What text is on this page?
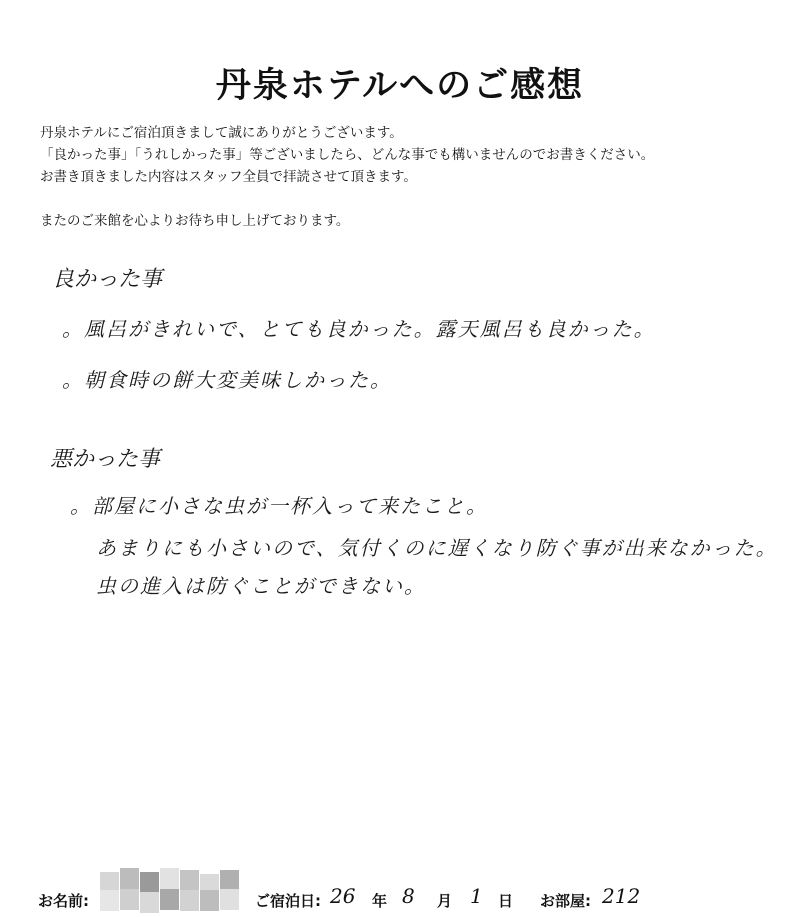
丹泉ホテルへのご感想
丹泉ホテルにご宿泊頂きまして誠にありがとうございます。
「良かった事」「うれしかった事」等ございましたら、どんな事でも構いませんのでお書きください。
お書き頂きました内容はスタッフ全員で拝読させて頂きます。
またのご来館を心よりお待ち申し上げております。
良かった事
。風呂がきれいで、とても良かった。露天風呂も良かった。
。朝食時の餅大変美味しかった。
悪かった事
。部屋に小さな虫が一杯入って来たこと。
あまりにも小さいので、気付くのに遅くなり防ぐ事が出来なかった。
虫の進入は防ぐことができない。
お名前:	ご宿泊日: 26 年 8 月 1 日 お部屋: 212
